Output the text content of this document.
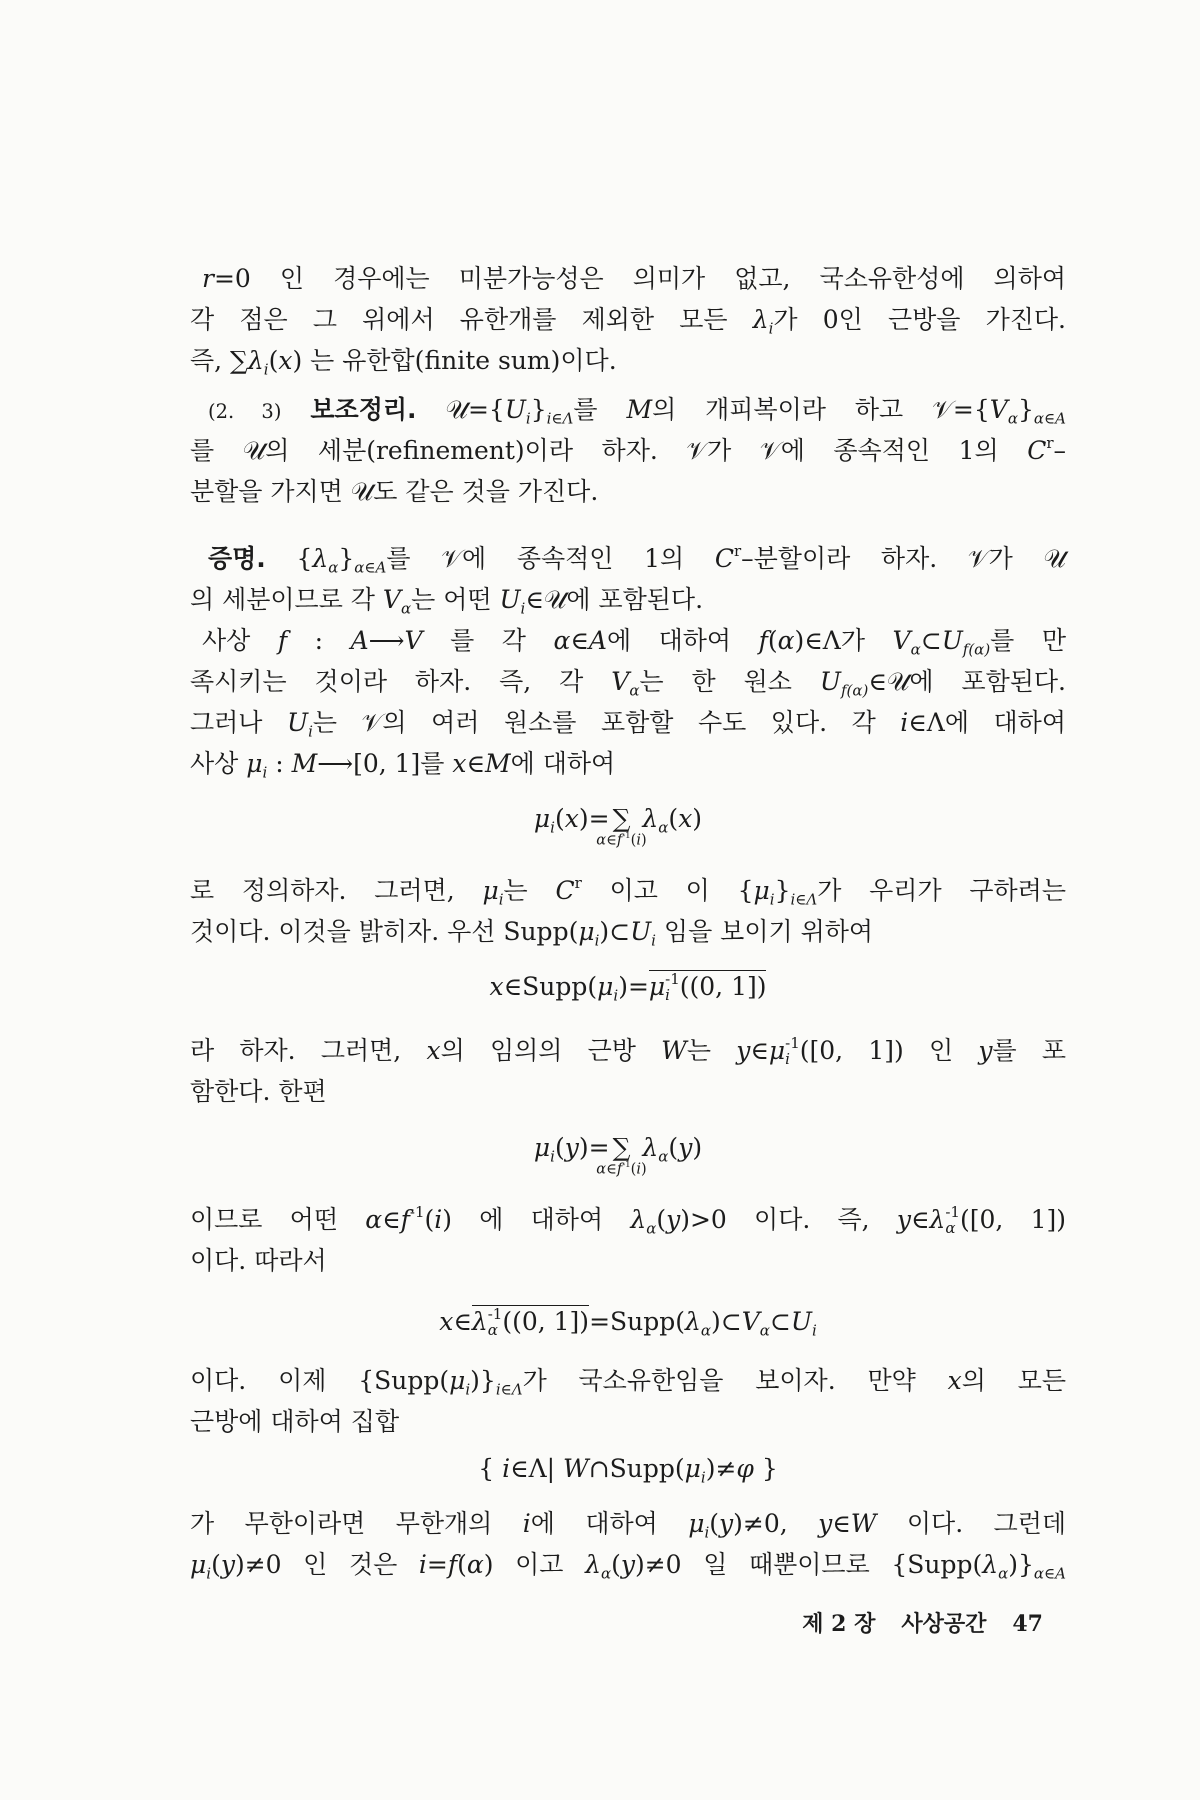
r=0 인 경우에는 미분가능성은 의미가 없고, 국소유한성에 의하여
각 점은 그 위에서 유한개를 제외한 모든 $\lambda_i$가 0인 근방을 가진다.
즉, $\sum\lambda_i(x)$ 는 유한합(finite sum)이다.
(2. 3) 보조정리. $𝒰=\{U_i\}_{i\in\Lambda}$를 M의 개피복이라 하고 $𝒱=\{V_\alpha\}_{\alpha\in A}$
를 𝒰의 세분(refinement)이라 하자. 𝒱가 𝒱에 종속적인 1의 $C^r-$
분할을 가지면 𝒰도 같은 것을 가진다.
증명. $\{\lambda_\alpha\}_{\alpha\in A}$를 𝒱에 종속적인 1의 $C^r-$분할이라 하자. 𝒱가 𝒰
의 세분이므로 각 $V_\alpha$는 어떤 $U_i\in 𝒰$에 포함된다.
사상 f : A⟶V 를 각 α∈A에 대하여 f(α)∈Λ가 $V_\alpha\subset U_{f(\alpha)}$를 만
족시키는 것이라 하자. 즉, 각 $V_\alpha$는 한 원소 $U_{f(\alpha)}\in 𝒰$에 포함된다.
그러나 $U_i$는 𝒱의 여러 원소를 포함할 수도 있다. 각 i∈Λ에 대하여
사상 $\mu_i$ : M⟶[0, 1]를 x∈M에 대하여
$\mu_i(x)=$ ∑
$\alpha\in f^{-1}(i)$
$\lambda_\alpha(x)$
로 정의하자. 그러면, $\mu_i$는 $C^r$ 이고 이 $\{\mu_i\}_{i\in\Lambda}$가 우리가 구하려는
것이다. 이것을 밝히자. 우선 $Supp(\mu_i)\subset U_i$ 임을 보이기 위하여
$x\in Supp(\mu_i)=\mu$ -1
i ((0, 1])
라 하자. 그러면, x의 임의의 근방 W는 y∈μ -1
i ([0, 1]) 인 y를 포
함한다. 한편
$\mu_i(y)=$ ∑
$\alpha\in f^{-1}(i)$
$\lambda_\alpha(y)$
이므로 어떤 $\alpha\in f^{-1}(i)$ 에 대하여 $\lambda_\alpha(y)>0$ 이다. 즉, y∈λ -1
α ([0, 1])
이다. 따라서
x∈λ -1
α ((0, $1])=Supp(\lambda_\alpha)\subset V_\alpha\subset U_i$
이다. 이제 $\{Supp(\mu_i)\}_{i\in\Lambda}$가 국소유한임을 보이자. 만약 x의 모든
근방에 대하여 집합
{ i∈Λ| $W\cap Supp(\mu_i)\ne\varphi$ }
가 무한이라면 무한개의 i에 대하여 $\mu_i(y)\ne 0$, y∈W 이다. 그런데
$\mu_i(y)\ne 0$ 인 것은 i=f(α) 이고 $\lambda_\alpha(y)\ne 0$ 일 때뿐이므로 $\{Supp(\lambda_\alpha)\}_{\alpha\in A}$
제 2 장 사상공간 47
